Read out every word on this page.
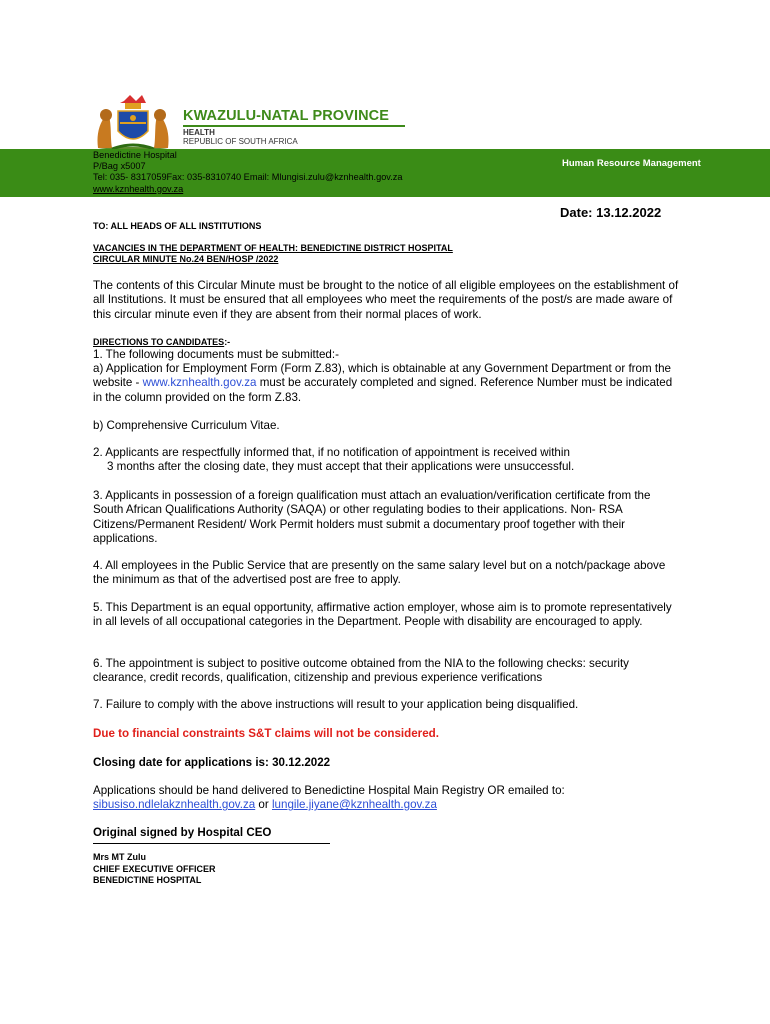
KWAZULU-NATAL PROVINCE
HEALTH
REPUBLIC OF SOUTH AFRICA
Benedictine Hospital
P/Bag x5007
Tel: 035- 8317059Fax: 035-8310740 Email: Mlungisi.zulu@kznhealth.gov.za
www.kznhealth.gov.za
Human Resource Management
Date: 13.12.2022
TO: ALL HEADS OF ALL INSTITUTIONS
VACANCIES IN THE DEPARTMENT OF HEALTH: BENEDICTINE DISTRICT HOSPITAL
CIRCULAR MINUTE No.24 BEN/HOSP /2022
The contents of this Circular Minute must be brought to the notice of all eligible employees on the establishment of all Institutions. It must be ensured that all employees who meet the requirements of the post/s are made aware of this circular minute even if they are absent from their normal places of work.
DIRECTIONS TO CANDIDATES:-
1. The following documents must be submitted:-
a) Application for Employment Form (Form Z.83), which is obtainable at any Government Department or from the website - www.kznhealth.gov.za must be accurately completed and signed. Reference Number must be indicated in the column provided on the form Z.83.
b) Comprehensive Curriculum Vitae.
2. Applicants are respectfully informed that, if no notification of appointment is received within
3 months after the closing date, they must accept that their applications were unsuccessful.
3. Applicants in possession of a foreign qualification must attach an evaluation/verification certificate from the South African Qualifications Authority (SAQA) or other regulating bodies to their applications. Non- RSA Citizens/Permanent Resident/ Work Permit holders must submit a documentary proof together with their applications.
4. All employees in the Public Service that are presently on the same salary level but on a notch/package above the minimum as that of the advertised post are free to apply.
5. This Department is an equal opportunity, affirmative action employer, whose aim is to promote representatively in all levels of all occupational categories in the Department. People with disability are encouraged to apply.
6. The appointment is subject to positive outcome obtained from the NIA to the following checks: security clearance, credit records, qualification, citizenship and previous experience verifications
7. Failure to comply with the above instructions will result to your application being disqualified.
Due to financial constraints S&T claims will not be considered.
Closing date for applications is: 30.12.2022
Applications should be hand delivered to Benedictine Hospital Main Registry OR emailed to:
sibusiso.ndlelakznhealth.gov.za or lungile.jiyane@kznhealth.gov.za
Original signed by Hospital CEO
Mrs MT Zulu
CHIEF EXECUTIVE OFFICER
BENEDICTINE HOSPITAL
